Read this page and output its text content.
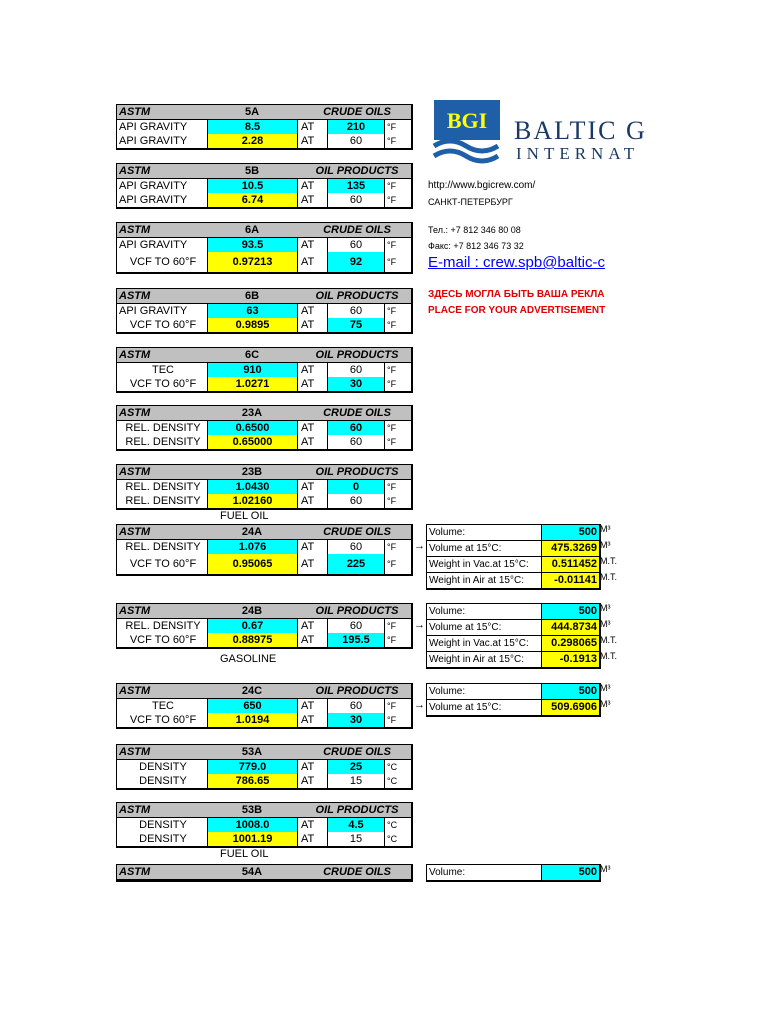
BGI BALTIC G
INTERNAT
http://www.bgicrew.com/
САНКТ-ПЕТЕРБУРГ
Тел.: +7 812 346 80 08
Факс: +7 812 346 73 32
E-mail : crew.spb@baltic-c
ЗДЕСЬ МОГЛА БЫТЬ ВАША РЕКЛА
PLACE FOR YOUR ADVERTISEMENT
ASTM	5A	CRUDE OILS
API GRAVITY	8.5	AT	210	°F
API GRAVITY	2.28	AT	60	°F
ASTM	5B	OIL PRODUCTS
API GRAVITY	10.5	AT	135	°F
API GRAVITY	6.74	AT	60	°F
ASTM	6A	CRUDE OILS
API GRAVITY	93.5	AT	60	°F
VCF TO 60°F	0.97213	AT	92	°F
ASTM	6B	OIL PRODUCTS
API GRAVITY	63	AT	60	°F
VCF TO 60°F	0.9895	AT	75	°F
ASTM	6C	OIL PRODUCTS
TEC	910	AT	60	°F
VCF TO 60°F	1.0271	AT	30	°F
ASTM	23A	CRUDE OILS
REL. DENSITY	0.6500	AT	60	°F
REL. DENSITY	0.65000	AT	60	°F
ASTM	23B	OIL PRODUCTS
REL. DENSITY	1.0430	AT	0	°F
REL. DENSITY	1.02160	AT	60	°F
ASTM	24A	CRUDE OILS
REL. DENSITY	1.076	AT	60	°F
VCF TO 60°F	0.95065	AT	225	°F
ASTM	24B	OIL PRODUCTS
REL. DENSITY	0.67	AT	60	°F
VCF TO 60°F	0.88975	AT	195.5	°F
ASTM	24C	OIL PRODUCTS
TEC	650	AT	60	°F
VCF TO 60°F	1.0194	AT	30	°F
ASTM	53A	CRUDE OILS
DENSITY	779.0	AT	25	°C
DENSITY	786.65	AT	15	°C
ASTM	53B	OIL PRODUCTS
DENSITY	1008.0	AT	4.5	°C
DENSITY	1001.19	AT	15	°C
ASTM	54A	CRUDE OILS
M³
M³
→
M.T.
M.T.
Volume:	500
Volume at 15°C:	475.3269
Weight in Vac.at 15°C:	0.511452
Weight in Air at 15°C:	-0.01141
M³
M³
→
M.T.
M.T.
Volume:	500
Volume at 15°C:	444.8734
Weight in Vac.at 15°C:	0.298065
Weight in Air at 15°C:	-0.1913
M³
M³
→
Volume:	500
Volume at 15°C:	509.6906
M³
Volume:	500
FUEL OIL
GASOLINE
FUEL OIL
